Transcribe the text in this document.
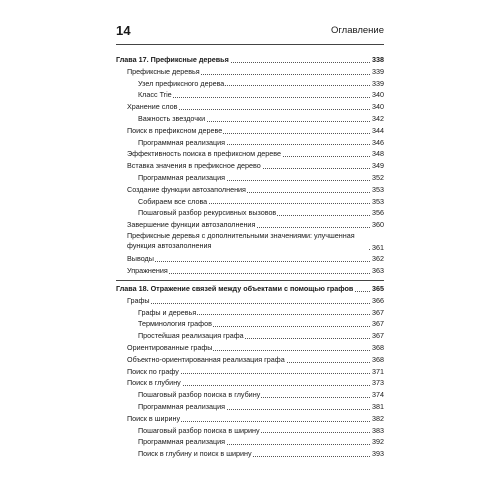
14	Оглавление
Глава 17. Префиксные деревья	338
Префиксные деревья	339
Узел префиксного дерева	339
Класс Trie	340
Хранение слов	340
Важность звездочки	342
Поиск в префиксном дереве	344
Программная реализация	346
Эффективность поиска в префиксном дереве	348
Вставка значения в префиксное дерево	349
Программная реализация	352
Создание функции автозаполнения	353
Собираем все слова	353
Пошаговый разбор рекурсивных вызовов	356
Завершение функции автозаполнения	360
Префиксные деревья с дополнительными значениями: улучшенная функция автозаполнения	361
Выводы	362
Упражнения	363
Глава 18. Отражение связей между объектами с помощью графов	365
Графы	366
Графы и деревья	367
Терминология графов	367
Простейшая реализация графа	367
Ориентированные графы	368
Объектно-ориентированная реализация графа	368
Поиск по графу	371
Поиск в глубину	373
Пошаговый разбор поиска в глубину	374
Программная реализация	381
Поиск в ширину	382
Пошаговый разбор поиска в ширину	383
Программная реализация	392
Поиск в глубину и поиск в ширину	393
